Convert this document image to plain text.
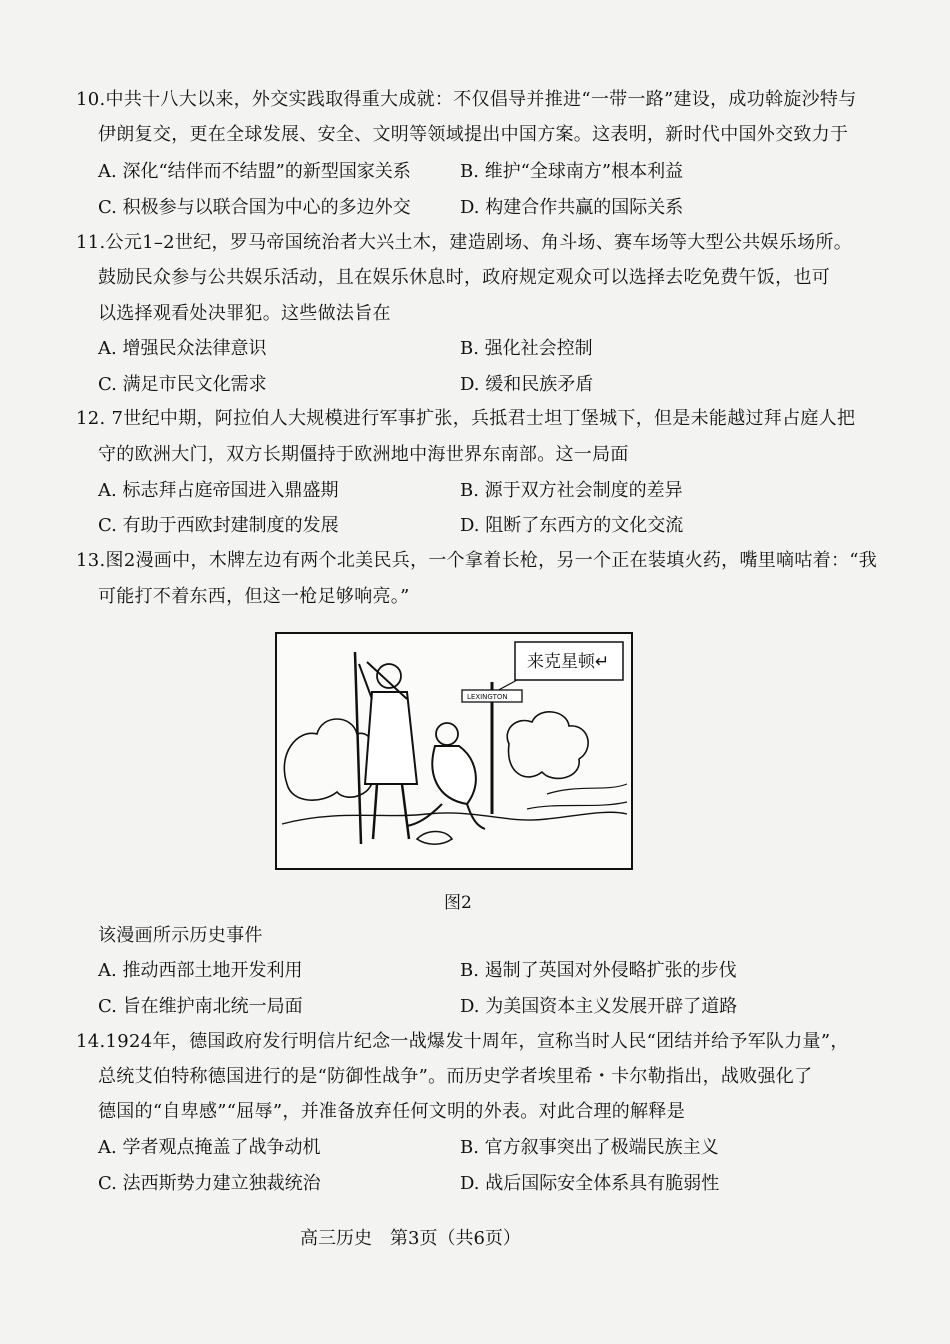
10.中共十八大以来，外交实践取得重大成就：不仅倡导并推进“一带一路”建设，成功斡旋沙特与
伊朗复交，更在全球发展、安全、文明等领域提出中国方案。这表明，新时代中国外交致力于
A. 深化“结伴而不结盟”的新型国家关系	B. 维护“全球南方”根本利益
C. 积极参与以联合国为中心的多边外交	D. 构建合作共赢的国际关系
11.公元1–2世纪，罗马帝国统治者大兴土木，建造剧场、角斗场、赛车场等大型公共娱乐场所。
鼓励民众参与公共娱乐活动，且在娱乐休息时，政府规定观众可以选择去吃免费午饭，也可
以选择观看处决罪犯。这些做法旨在
A. 增强民众法律意识	B. 强化社会控制
C. 满足市民文化需求	D. 缓和民族矛盾
12. 7世纪中期，阿拉伯人大规模进行军事扩张，兵抵君士坦丁堡城下，但是未能越过拜占庭人把
守的欧洲大门，双方长期僵持于欧洲地中海世界东南部。这一局面
A. 标志拜占庭帝国进入鼎盛期	B. 源于双方社会制度的差异
C. 有助于西欧封建制度的发展	D. 阻断了东西方的文化交流
13.图2漫画中，木牌左边有两个北美民兵，一个拿着长枪，另一个正在装填火药，嘴里嘀咕着：“我
可能打不着东西，但这一枪足够响亮。”
来克星顿↵
LEXINGTON
图2
该漫画所示历史事件
A. 推动西部土地开发利用	B. 遏制了英国对外侵略扩张的步伐
C. 旨在维护南北统一局面	D. 为美国资本主义发展开辟了道路
14.1924年，德国政府发行明信片纪念一战爆发十周年，宣称当时人民“团结并给予军队力量”，
总统艾伯特称德国进行的是“防御性战争”。而历史学者埃里希・卡尔勒指出，战败强化了
德国的“自卑感”“屈辱”，并准备放弃任何文明的外表。对此合理的解释是
A. 学者观点掩盖了战争动机	B. 官方叙事突出了极端民族主义
C. 法西斯势力建立独裁统治	D. 战后国际安全体系具有脆弱性
高三历史　第3页（共6页）
